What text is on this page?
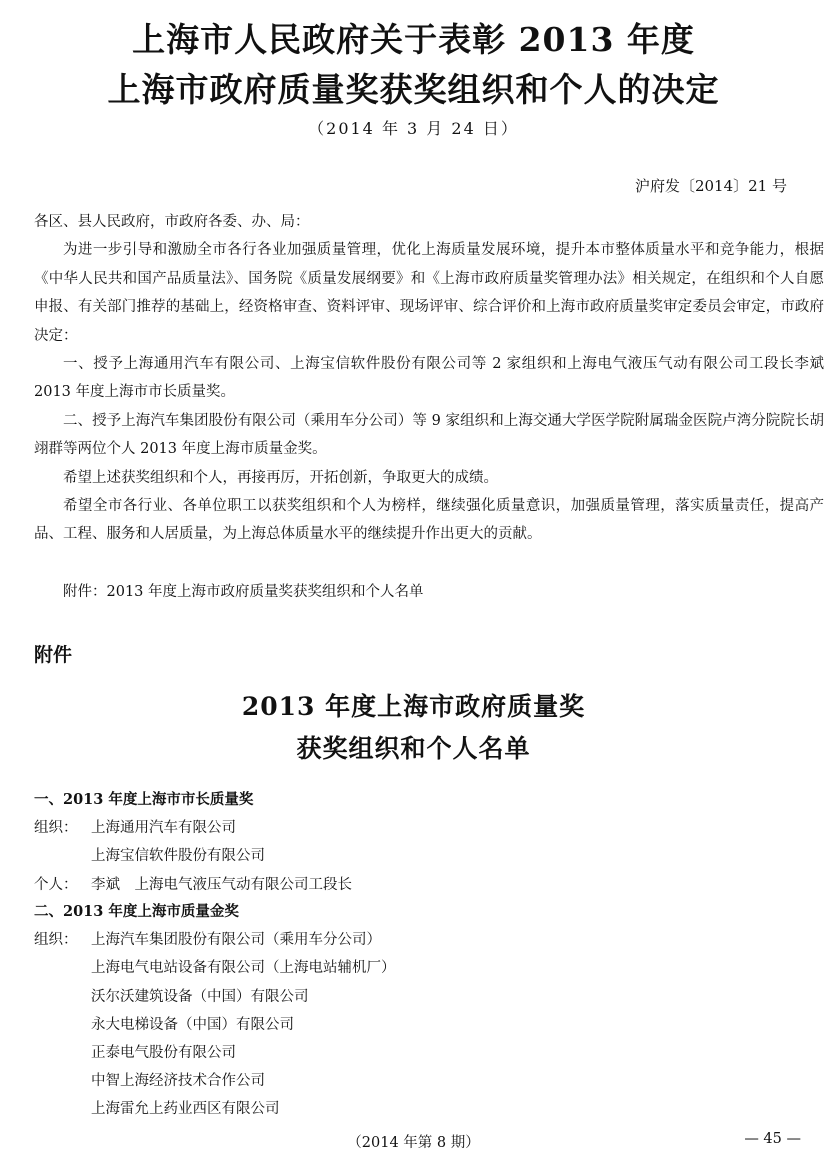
上海市人民政府关于表彰 2013 年度
上海市政府质量奖获奖组织和个人的决定
（2014 年 3 月 24 日）
沪府发〔2014〕21 号

各区、县人民政府，市政府各委、办、局：

为进一步引导和激励全市各行各业加强质量管理，优化上海质量发展环境，提升本市整体质量水平和竞争能力，根据《中华人民共和国产品质量法》、国务院《质量发展纲要》和《上海市政府质量奖管理办法》相关规定，在组织和个人自愿申报、有关部门推荐的基础上，经资格审查、资料评审、现场评审、综合评价和上海市政府质量奖审定委员会审定，市政府决定：

一、授予上海通用汽车有限公司、上海宝信软件股份有限公司等 2 家组织和上海电气液压气动有限公司工段长李斌 2013 年度上海市市长质量奖。

二、授予上海汽车集团股份有限公司（乘用车分公司）等 9 家组织和上海交通大学医学院附属瑞金医院卢湾分院院长胡翊群等两位个人 2013 年度上海市质量金奖。

希望上述获奖组织和个人，再接再厉，开拓创新，争取更大的成绩。

希望全市各行业、各单位职工以获奖组织和个人为榜样，继续强化质量意识，加强质量管理，落实质量责任，提高产品、工程、服务和人居质量，为上海总体质量水平的继续提升作出更大的贡献。

附件：2013 年度上海市政府质量奖获奖组织和个人名单
附件
2013 年度上海市政府质量奖
获奖组织和个人名单
一、2013 年度上海市市长质量奖
组织： 上海通用汽车有限公司
上海宝信软件股份有限公司
个人： 李斌　上海电气液压气动有限公司工段长
二、2013 年度上海市质量金奖
组织： 上海汽车集团股份有限公司（乘用车分公司）
上海电气电站设备有限公司（上海电站辅机厂）
沃尔沃建筑设备（中国）有限公司
永大电梯设备（中国）有限公司
正泰电气股份有限公司
中智上海经济技术合作公司
上海雷允上药业西区有限公司
（2014 年第 8 期）	— 45 —
